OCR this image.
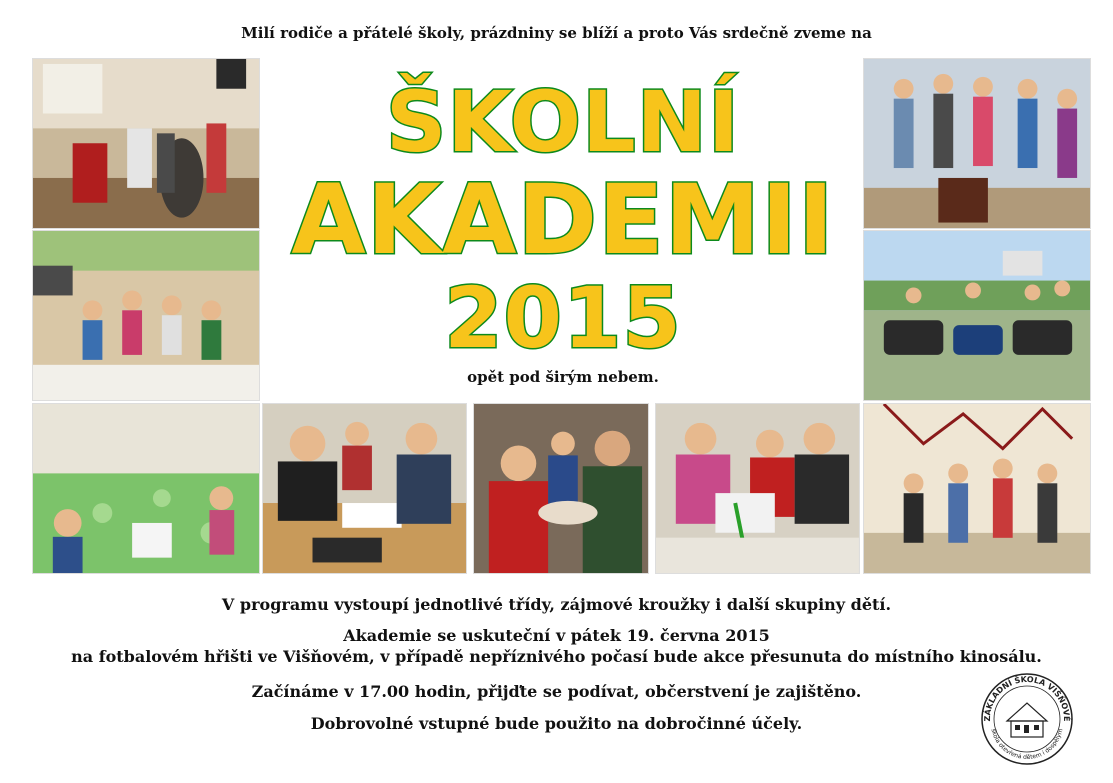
Milí rodiče a přátelé školy, prázdniny se blíží a proto Vás srdečně zveme na
ŠKOLNÍ
AKADEMII
2015
opět pod širým nebem.
V programu vystoupí jednotlivé třídy, zájmové kroužky i další skupiny dětí.
Akademie se uskuteční v pátek 19. června 2015
na fotbalovém hřišti ve Višňovém, v případě nepříznivého počasí bude akce přesunuta do místního kinosálu.
Začínáme v 17.00 hodin, přijďte se podívat, občerstvení je zajištěno.
Dobrovolné vstupné bude použito na dobročinné účely.	ZÁKLADNÍ ŠKOLA VIŠŇOVÉ
škola otevřená dětem i dospělým
